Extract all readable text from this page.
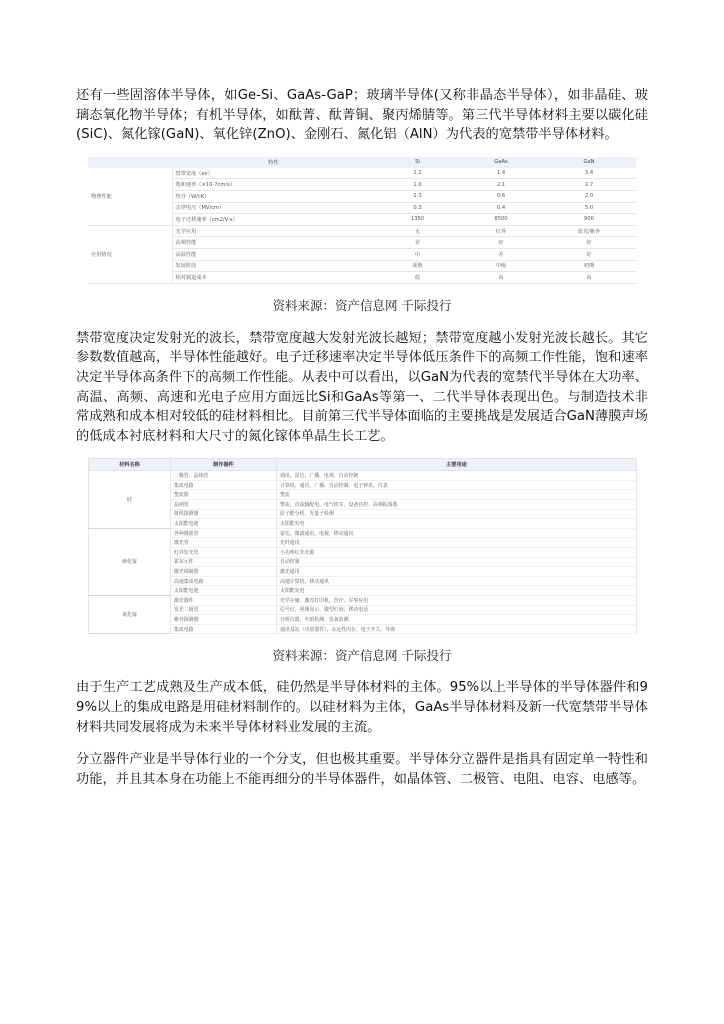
还有一些固溶体半导体，如Ge-Si、GaAs-GaP；玻璃半导体(又称非晶态半导体），如非晶硅、玻璃态氧化物半导体；有机半导体，如酞菁、酞菁铜、聚丙烯腈等。第三代半导体材料主要以碳化硅(SiC)、氮化镓(GaN)、氧化锌(ZnO)、金刚石、氮化铝（AlN）为代表的宽禁带半导体材料。

	特性	Si	GaAs	GaN
物理性能	禁带宽度（ev）	1.1	1.4	3.4
	饱和速率（×10-7cm/s）	1.0	2.1	2.7
	热导（W/cK）	1.3	0.6	2.0
	击穿电压（MV/cm）	0.3	0.4	5.0
	电子迁移速率（cm2/V-s）	1350	8500	900
应用情况	光学应用	无	红外	蓝光/紫外
	高频性能	差	好	好
	高温性能	中	差	好
	发展阶段	成熟	中级	初期
	相对制造成本	低	高	高
资料来源：资产信息网 千际投行

禁带宽度决定发射光的波长，禁带宽度越大发射光波长越短；禁带宽度越小发射光波长越长。其它参数数值越高，半导体性能越好。电子迁移速率决定半导体低压条件下的高频工作性能，饱和速率决定半导体高条件下的高频工作性能。从表中可以看出，以GaN为代表的宽禁代半导体在大功率、高温、高频、高速和光电子应用方面远比Si和GaAs等第一、二代半导体表现出色。与制造技术非常成熟和成本相对较低的硅材料相比。目前第三代半导体面临的主要挑战是发展适合GaN薄膜声场的低成本衬底材料和大尺寸的氮化镓体单晶生长工艺。

材料名称	制作器件	主要用途
硅	二极管、晶体管	通讯、雷达、广播、电视、自动控制
	集成电路	计算机、通讯、广播、自动控制、电子钟表、仪表
	整流器	整流
	晶闸管	整流、直流输配电、电气机车、设备自控、高频振荡器
	射线探测器	原子能分析、光量子检测
	太阳能电池	太阳能发电
砷化镓	各种微波管	雷达、微波通讯、电视、移动通讯
	激光管	光纤通讯
	红外发光管	小功率红外光源
	霍尔元件	自动控制
	激光调制器	激光通讯
	高速集成电路	高速计算机、移动通讯
	太阳能电池	太阳能发电
氮化镓	激光器件	光学存储、激光打印机、医疗、军事应用
	发光二极管	信号灯、视频显示、微型灯泡、移动电话
	紫外探测器	分析仪器、火焰检测、臭氧监测
	集成电路	通讯基站（功放器件）、永远性内存、电子开关、导弹
资料来源：资产信息网 千际投行

由于生产工艺成熟及生产成本低，硅仍然是半导体材料的主体。95%以上半导体的半导体器件和99%以上的集成电路是用硅材料制作的。以硅材料为主体，GaAs半导体材料及新一代宽禁带半导体材料共同发展将成为未来半导体材料业发展的主流。

分立器件产业是半导体行业的一个分支，但也极其重要。半导体分立器件是指具有固定单一特性和功能，并且其本身在功能上不能再细分的半导体器件，如晶体管、二极管、电阻、电容、电感等。
